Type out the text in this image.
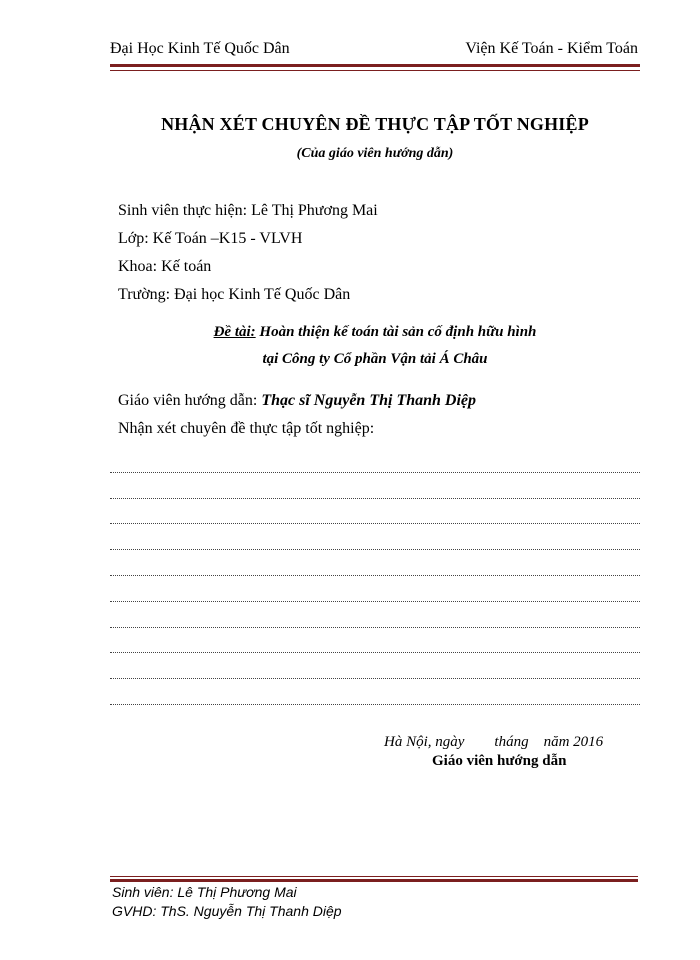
Đại Học Kinh Tế Quốc Dân	Viện Kế Toán - Kiểm Toán
NHẬN XÉT CHUYÊN ĐỀ THỰC TẬP TỐT NGHIỆP
(Của giáo viên hướng dẫn)
Sinh viên thực hiện: Lê Thị Phương Mai
Lớp: Kế Toán –K15 - VLVH
Khoa: Kế toán
Trường: Đại học Kinh Tế Quốc Dân
Đề tài: Hoàn thiện kế toán tài sản cố định hữu hình
tại Công ty Cổ phần Vận tải Á Châu
Giáo viên hướng dẫn: Thạc sĩ Nguyễn Thị Thanh Diệp
Nhận xét chuyên đề thực tập tốt nghiệp:
Hà Nội, ngày        tháng    năm 2016
Giáo viên hướng dẫn
Sinh viên: Lê Thị Phương Mai
GVHD: ThS. Nguyễn Thị Thanh Diệp
